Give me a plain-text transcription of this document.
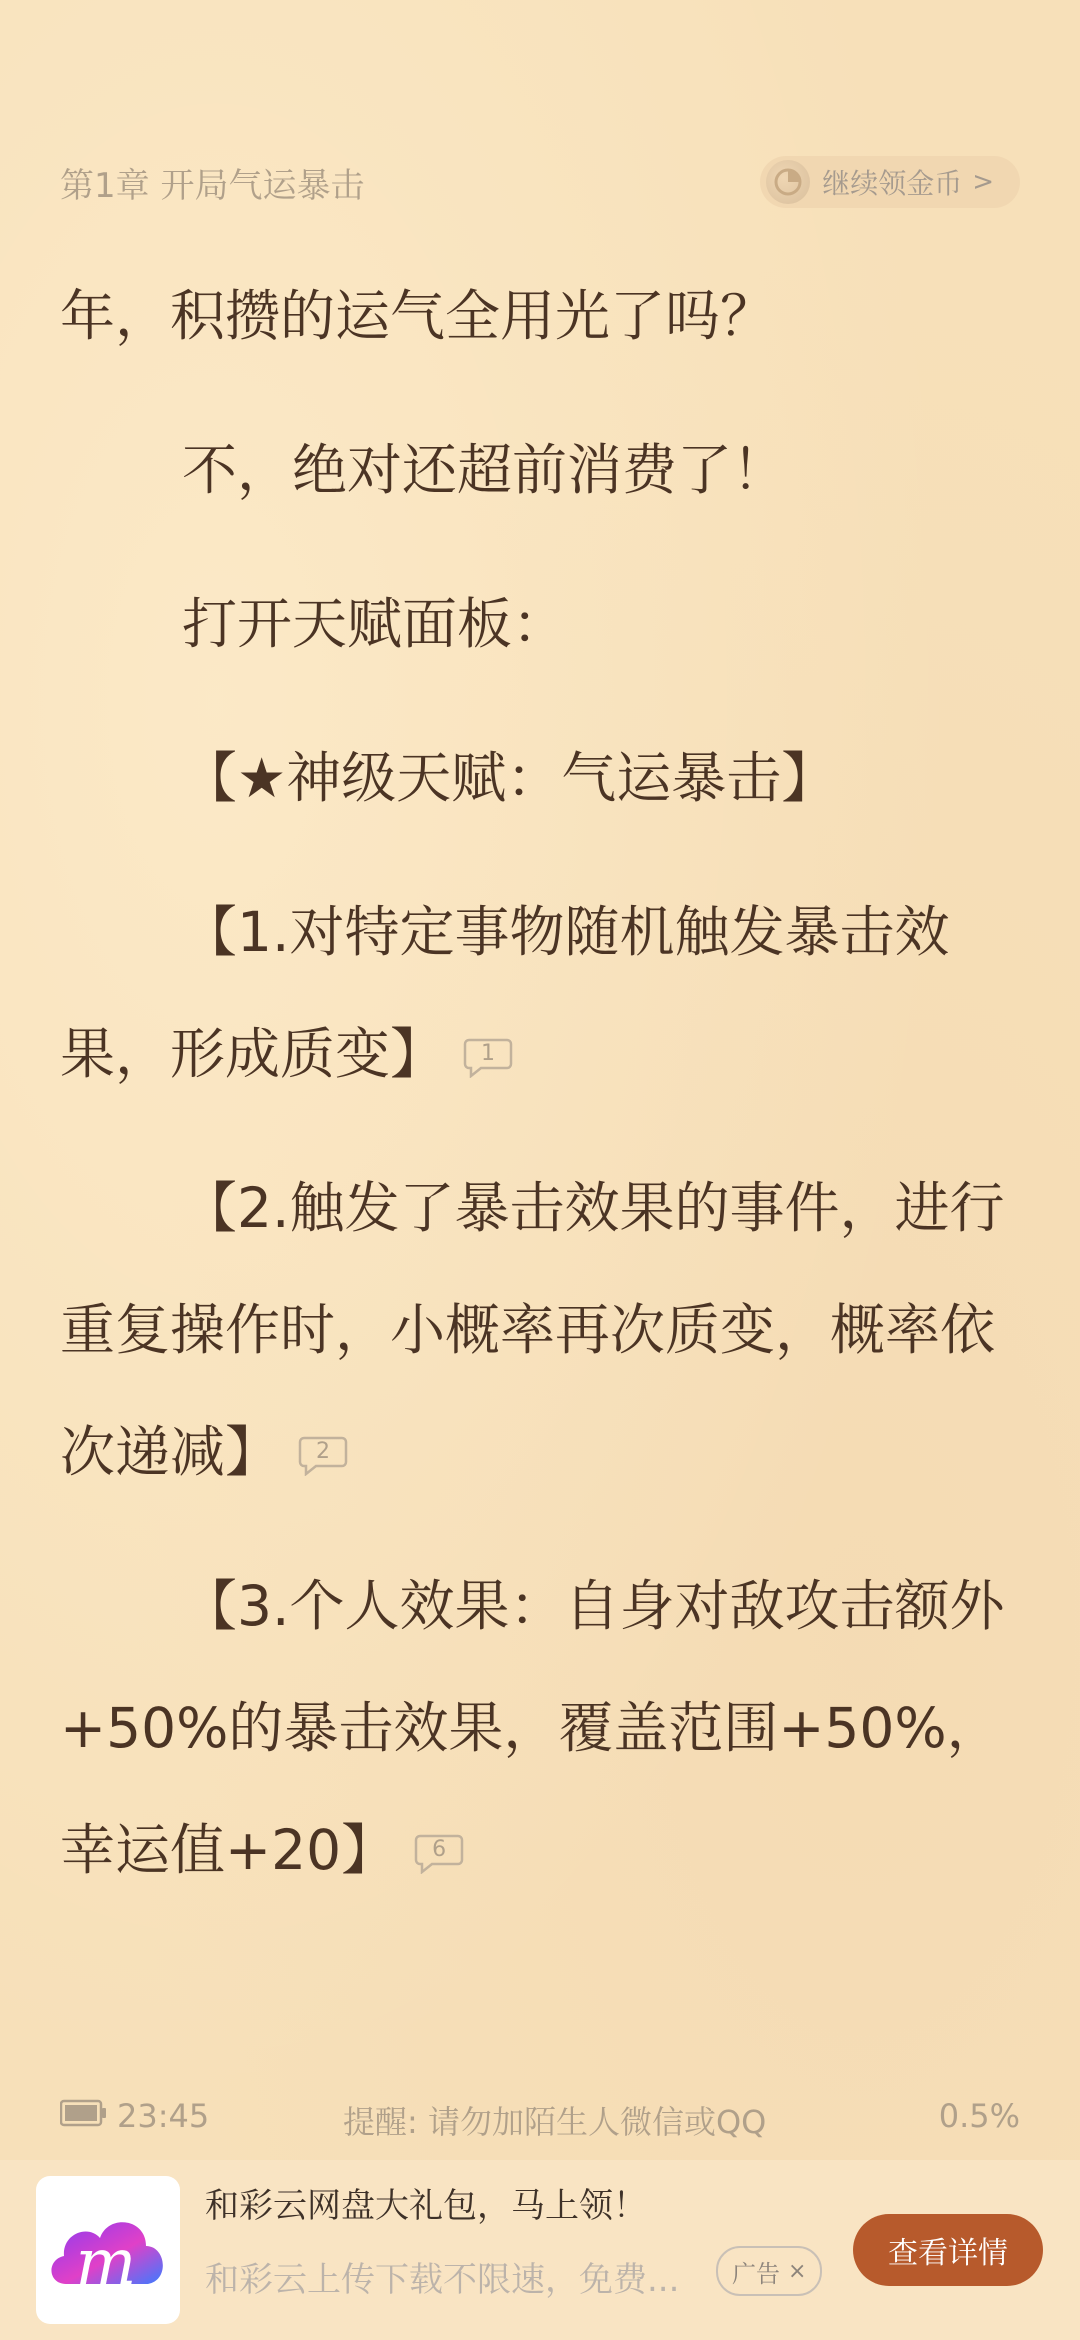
第1章 开局气运暴击	继续领金币 >

年，积攒的运气全用光了吗？

不，绝对还超前消费了！

打开天赋面板：

【★神级天赋：气运暴击】

【1.对特定事物随机触发暴击效果，形成质变】	1

【2.触发了暴击效果的事件，进行重复操作时，小概率再次质变，概率依次递减】	2

【3.个人效果：自身对敌攻击额外+50%的暴击效果，覆盖范围+50%，幸运值+20】	6

23:45	提醒: 请勿加陌生人微信或QQ	0.5%
m
和彩云网盘大礼包，马上领！
和彩云上传下载不限速，免费... 广告 ×	查看详情
